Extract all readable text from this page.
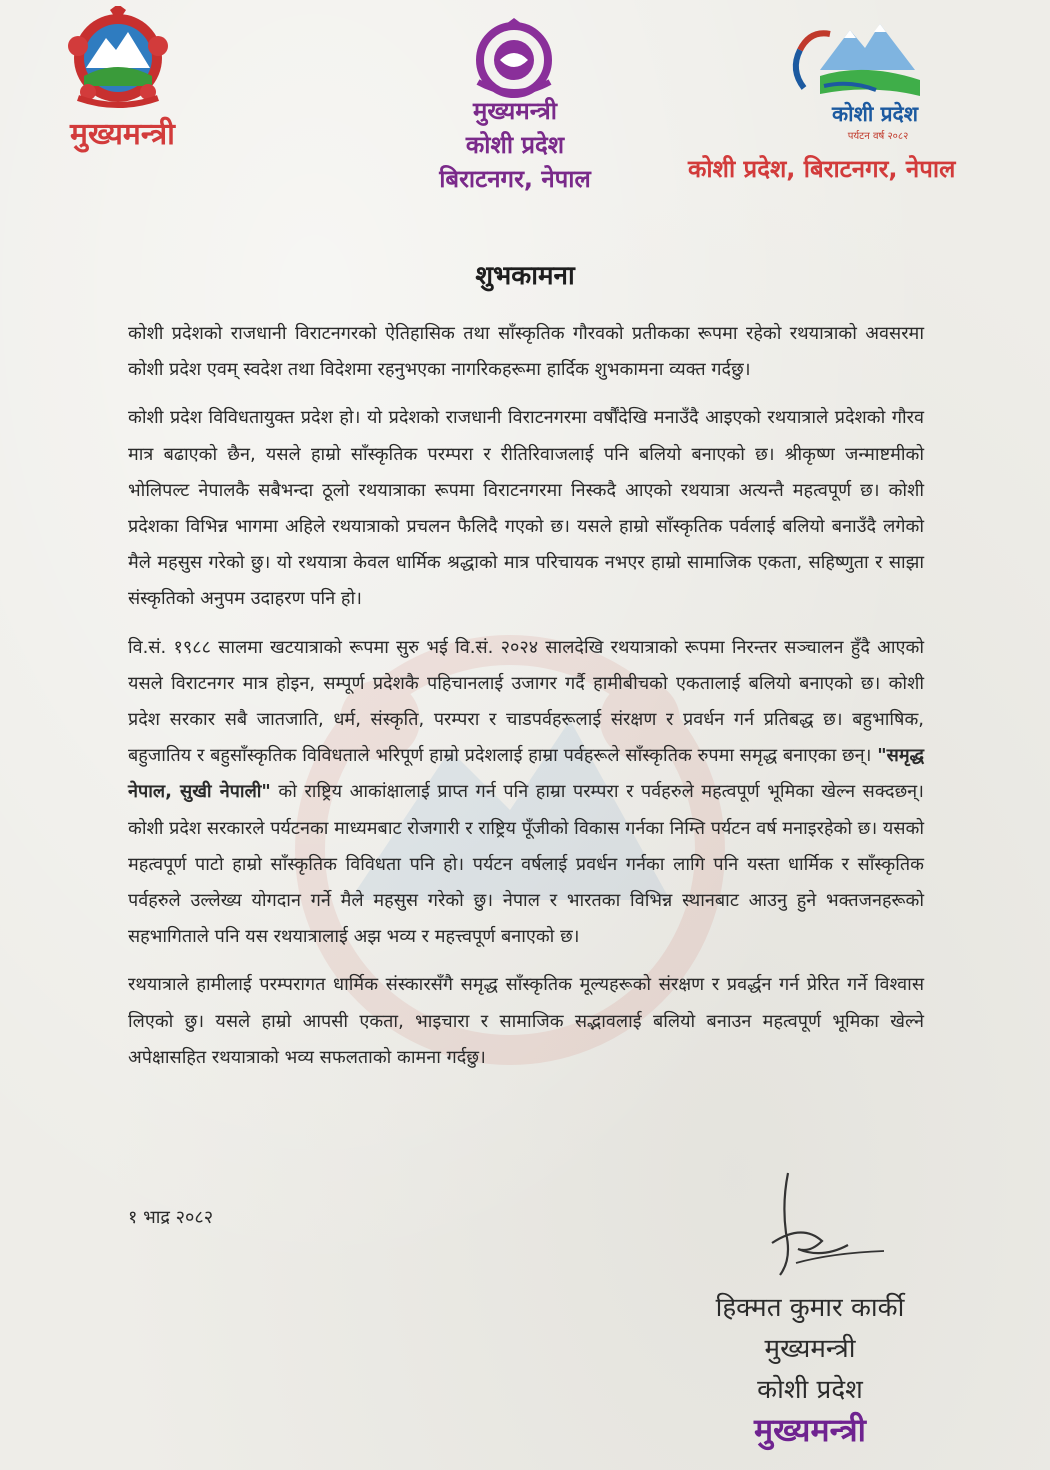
मुख्यमन्त्री
मुख्यमन्त्री
कोशी प्रदेश
बिराटनगर, नेपाल
कोशी प्रदेश
पर्यटन वर्ष २०८२
कोशी प्रदेश, बिराटनगर, नेपाल
शुभकामना

कोशी प्रदेशको राजधानी विराटनगरको ऐतिहासिक तथा साँस्कृतिक गौरवको प्रतीकका रूपमा रहेको रथयात्राको अवसरमा कोशी प्रदेश एवम् स्वदेश तथा विदेशमा रहनुभएका नागरिकहरूमा हार्दिक शुभकामना व्यक्त गर्दछु।

कोशी प्रदेश विविधतायुक्त प्रदेश हो। यो प्रदेशको राजधानी विराटनगरमा वर्षौंदेखि मनाउँदै आइएको रथयात्राले प्रदेशको गौरव मात्र बढाएको छैन, यसले हाम्रो साँस्कृतिक परम्परा र रीतिरिवाजलाई पनि बलियो बनाएको छ। श्रीकृष्ण जन्माष्टमीको भोलिपल्ट नेपालकै सबैभन्दा ठूलो रथयात्राका रूपमा विराटनगरमा निस्कदै आएको रथयात्रा अत्यन्तै महत्वपूर्ण छ। कोशी प्रदेशका विभिन्न भागमा अहिले रथयात्राको प्रचलन फैलिदै गएको छ। यसले हाम्रो साँस्कृतिक पर्वलाई बलियो बनाउँदै लगेको मैले महसुस गरेको छु। यो रथयात्रा केवल धार्मिक श्रद्धाको मात्र परिचायक नभएर हाम्रो सामाजिक एकता, सहिष्णुता र साझा संस्कृतिको अनुपम उदाहरण पनि हो।

वि.सं. १९८८ सालमा खटयात्राको रूपमा सुरु भई वि.सं. २०२४ सालदेखि रथयात्राको रूपमा निरन्तर सञ्चालन हुँदै आएको यसले विराटनगर मात्र होइन, सम्पूर्ण प्रदेशकै पहिचानलाई उजागर गर्दै हामीबीचको एकतालाई बलियो बनाएको छ। कोशी प्रदेश सरकार सबै जातजाति, धर्म, संस्कृति, परम्परा र चाडपर्वहरूलाई संरक्षण र प्रवर्धन गर्न प्रतिबद्ध छ। बहुभाषिक, बहुजातिय र बहुसाँस्कृतिक विविधताले भरिपूर्ण हाम्रो प्रदेशलाई हाम्रा पर्वहरूले साँस्कृतिक रुपमा समृद्ध बनाएका छन्। "समृद्ध नेपाल, सुखी नेपाली" को राष्ट्रिय आकांक्षालाई प्राप्त गर्न पनि हाम्रा परम्परा र पर्वहरुले महत्वपूर्ण भूमिका खेल्न सक्दछन्। कोशी प्रदेश सरकारले पर्यटनका माध्यमबाट रोजगारी र राष्ट्रिय पूँजीको विकास गर्नका निम्ति पर्यटन वर्ष मनाइरहेको छ। यसको महत्वपूर्ण पाटो हाम्रो साँस्कृतिक विविधता पनि हो। पर्यटन वर्षलाई प्रवर्धन गर्नका लागि पनि यस्ता धार्मिक र साँस्कृतिक पर्वहरुले उल्लेख्य योगदान गर्ने मैले महसुस गरेको छु। नेपाल र भारतका विभिन्न स्थानबाट आउनु हुने भक्तजनहरूको सहभागिताले पनि यस रथयात्रालाई अझ भव्य र महत्त्वपूर्ण बनाएको छ।

रथयात्राले हामीलाई परम्परागत धार्मिक संस्कारसँगै समृद्ध साँस्कृतिक मूल्यहरूको संरक्षण र प्रवर्द्धन गर्न प्रेरित गर्ने विश्वास लिएको छु। यसले हाम्रो आपसी एकता, भाइचारा र सामाजिक सद्भावलाई बलियो बनाउन महत्वपूर्ण भूमिका खेल्ने अपेक्षासहित रथयात्राको भव्य सफलताको कामना गर्दछु।

१ भाद्र २०८२
हिक्मत कुमार कार्की
मुख्यमन्त्री
कोशी प्रदेश
मुख्यमन्त्री
